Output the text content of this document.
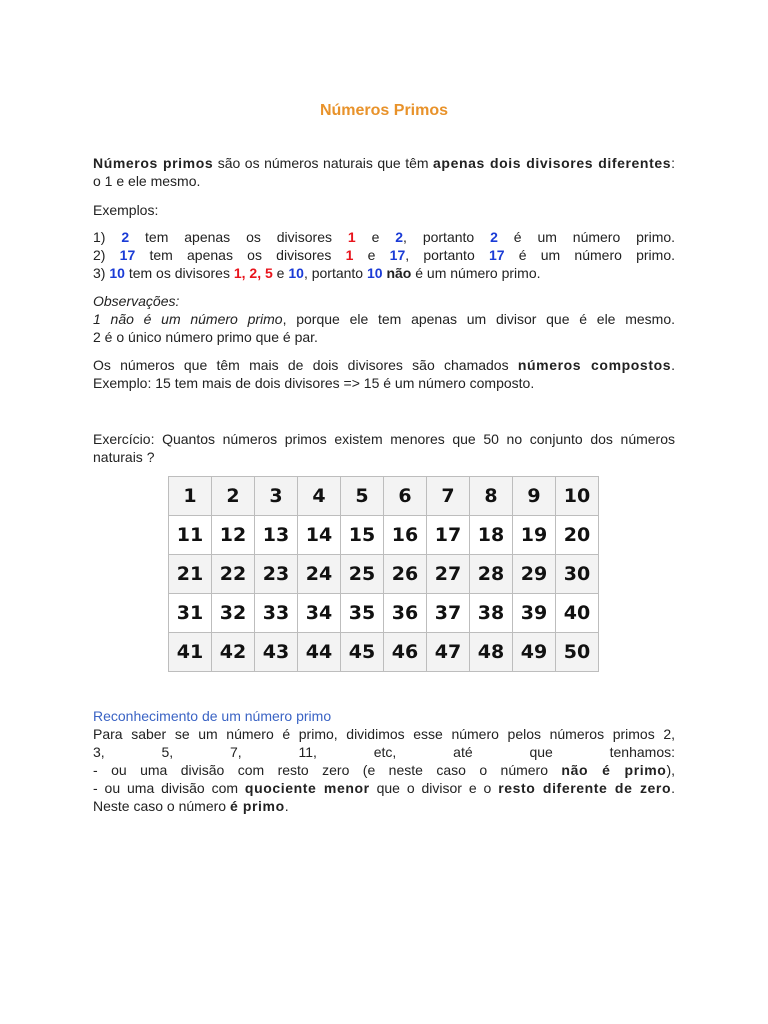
Números Primos
Números primos são os números naturais que têm apenas dois divisores diferentes: o 1 e ele mesmo.
Exemplos:
1) 2 tem apenas os divisores 1 e 2, portanto 2 é um número primo.
2) 17 tem apenas os divisores 1 e 17, portanto 17 é um número primo.
3) 10 tem os divisores 1, 2, 5 e 10, portanto 10 não é um número primo.
Observações:
1 não é um número primo, porque ele tem apenas um divisor que é ele mesmo.
2 é o único número primo que é par.
Os números que têm mais de dois divisores são chamados números compostos.
Exemplo: 15 tem mais de dois divisores => 15 é um número composto.
Exercício: Quantos números primos existem menores que 50 no conjunto dos números naturais ?
Reconhecimento de um número primo
Para saber se um número é primo, dividimos esse número pelos números primos 2,
3, 5, 7, 11, etc, até que tenhamos:
- ou uma divisão com resto zero (e neste caso o número não é primo),
- ou uma divisão com quociente menor que o divisor e o resto diferente de zero.
Neste caso o número é primo.
1	2	3	4	5	6	7	8	9	10
11	12	13	14	15	16	17	18	19	20
21	22	23	24	25	26	27	28	29	30
31	32	33	34	35	36	37	38	39	40
41	42	43	44	45	46	47	48	49	50
